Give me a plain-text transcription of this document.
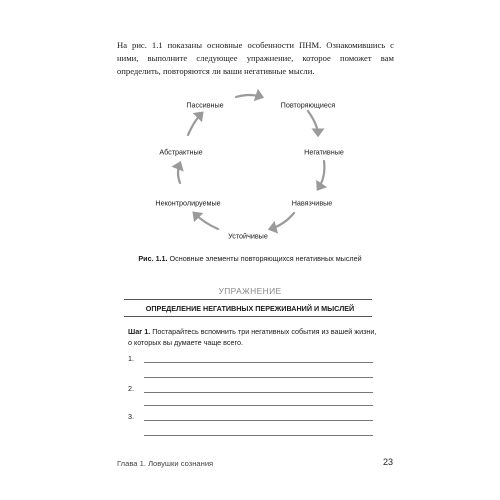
На рис. 1.1 показаны основные особенности ПНМ. Ознакомившись с ними, выполните следующее упражнение, которое поможет вам определить, повторяются ли ваши негативные мысли.

Пассивные	Повторяющиеся
Негативные
Навязчивые
Устойчивые
Неконтролируемые
Абстрактные
Рис. 1.1. Основные элементы повторяющихся негативных мыслей
УПРАЖНЕНИЕ
ОПРЕДЕЛЕНИЕ НЕГАТИВНЫХ ПЕРЕЖИВАНИЙ И МЫСЛЕЙ

Шаг 1. Постарайтесь вспомнить три негативных события из вашей жизни, о которых вы думаете чаще всего.

1.
2.
3.
Глава 1. Ловушки сознания	23
